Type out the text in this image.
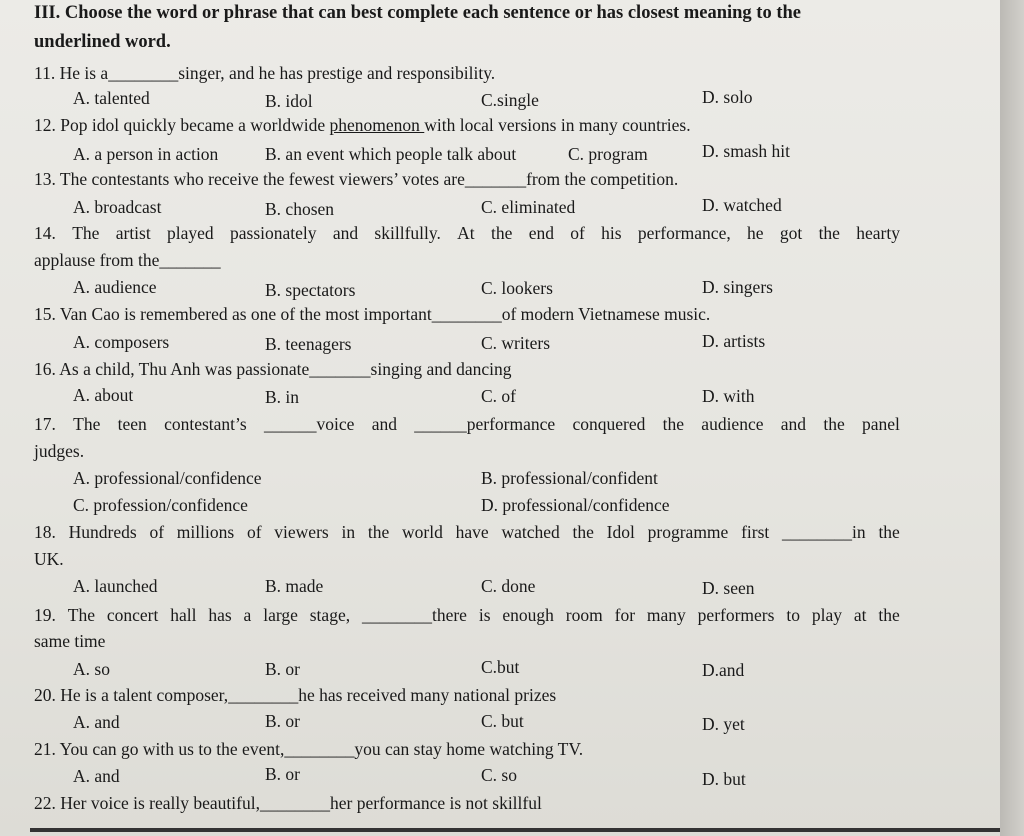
III. Choose the word or phrase that can best complete each sentence or has closest meaning to the
underlined word.
11. He is a________singer, and he has prestige and responsibility.
A. talented	B. idol	C.single	D. solo
12. Pop idol quickly became a worldwide phenomenon with local versions in many countries.
A. a person in action	B. an event which people talk about	C. program	D. smash hit
13. The contestants who receive the fewest viewers’ votes are_______from the competition.
A. broadcast	B. chosen	C. eliminated	D. watched
14. The artist played passionately and skillfully. At the end of his performance, he got the hearty
applause from the_______
A. audience	B. spectators	C. lookers	D. singers
15. Van Cao is remembered as one of the most important________of modern Vietnamese music.
A. composers	B. teenagers	C. writers	D. artists
16. As a child, Thu Anh was passionate_______singing and dancing
A. about	B. in	C. of	D. with
17. The teen contestant’s ______voice and ______performance conquered the audience and the panel
judges.
A. professional/confidence	B. professional/confident
C. profession/confidence	D. professional/confidence
18. Hundreds of millions of viewers in the world have watched the Idol programme first ________in the
UK.
A. launched	B. made	C. done	D. seen
19. The concert hall has a large stage, ________there is enough room for many performers to play at the
same time
A. so	B. or	C.but	D.and
20. He is a talent composer,________he has received many national prizes
A. and	B. or	C. but	D. yet
21. You can go with us to the event,________you can stay home watching TV.
A. and	B. or	C. so	D. but
22. Her voice is really beautiful,________her performance is not skillful
